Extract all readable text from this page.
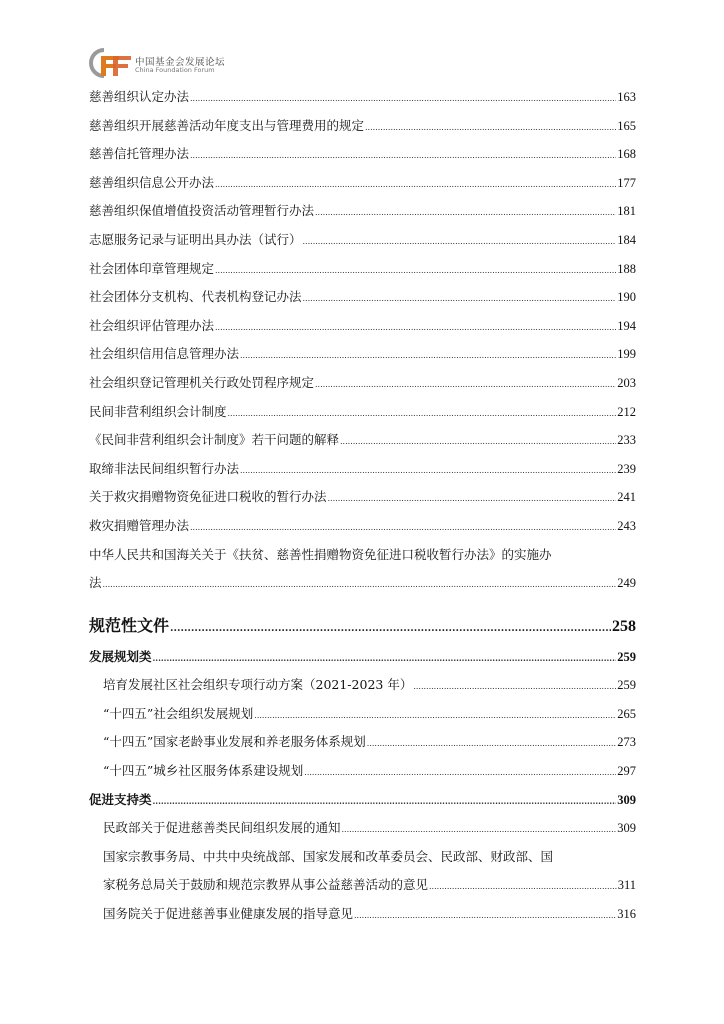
中国基金会发展论坛
China Foundation Forum
慈善组织认定办法 .....	163
慈善组织开展慈善活动年度支出与管理费用的规定 .....	165
慈善信托管理办法 .....	168
慈善组织信息公开办法 .....	177
慈善组织保值增值投资活动管理暂行办法 .....	181
志愿服务记录与证明出具办法（试行） .....	184
社会团体印章管理规定 .....	188
社会团体分支机构、代表机构登记办法 .....	190
社会组织评估管理办法 .....	194
社会组织信用信息管理办法 .....	199
社会组织登记管理机关行政处罚程序规定 .....	203
民间非营利组织会计制度 .....	212
《民间非营利组织会计制度》若干问题的解释 .....	233
取缔非法民间组织暂行办法 .....	239
关于救灾捐赠物资免征进口税收的暂行办法 .....	241
救灾捐赠管理办法 .....	243
中华人民共和国海关关于《扶贫、慈善性捐赠物资免征进口税收暂行办法》的实施办
法 .....	249
规范性文件 .....	258
发展规划类 .....	259
培育发展社区社会组织专项行动方案（2021-2023 年） .....	259
“十四五”社会组织发展规划 .....	265
“十四五”国家老龄事业发展和养老服务体系规划 .....	273
“十四五”城乡社区服务体系建设规划 .....	297
促进支持类 .....	309
民政部关于促进慈善类民间组织发展的通知 .....	309
国家宗教事务局、中共中央统战部、国家发展和改革委员会、民政部、财政部、国
家税务总局关于鼓励和规范宗教界从事公益慈善活动的意见 .....	311
国务院关于促进慈善事业健康发展的指导意见 .....	316
